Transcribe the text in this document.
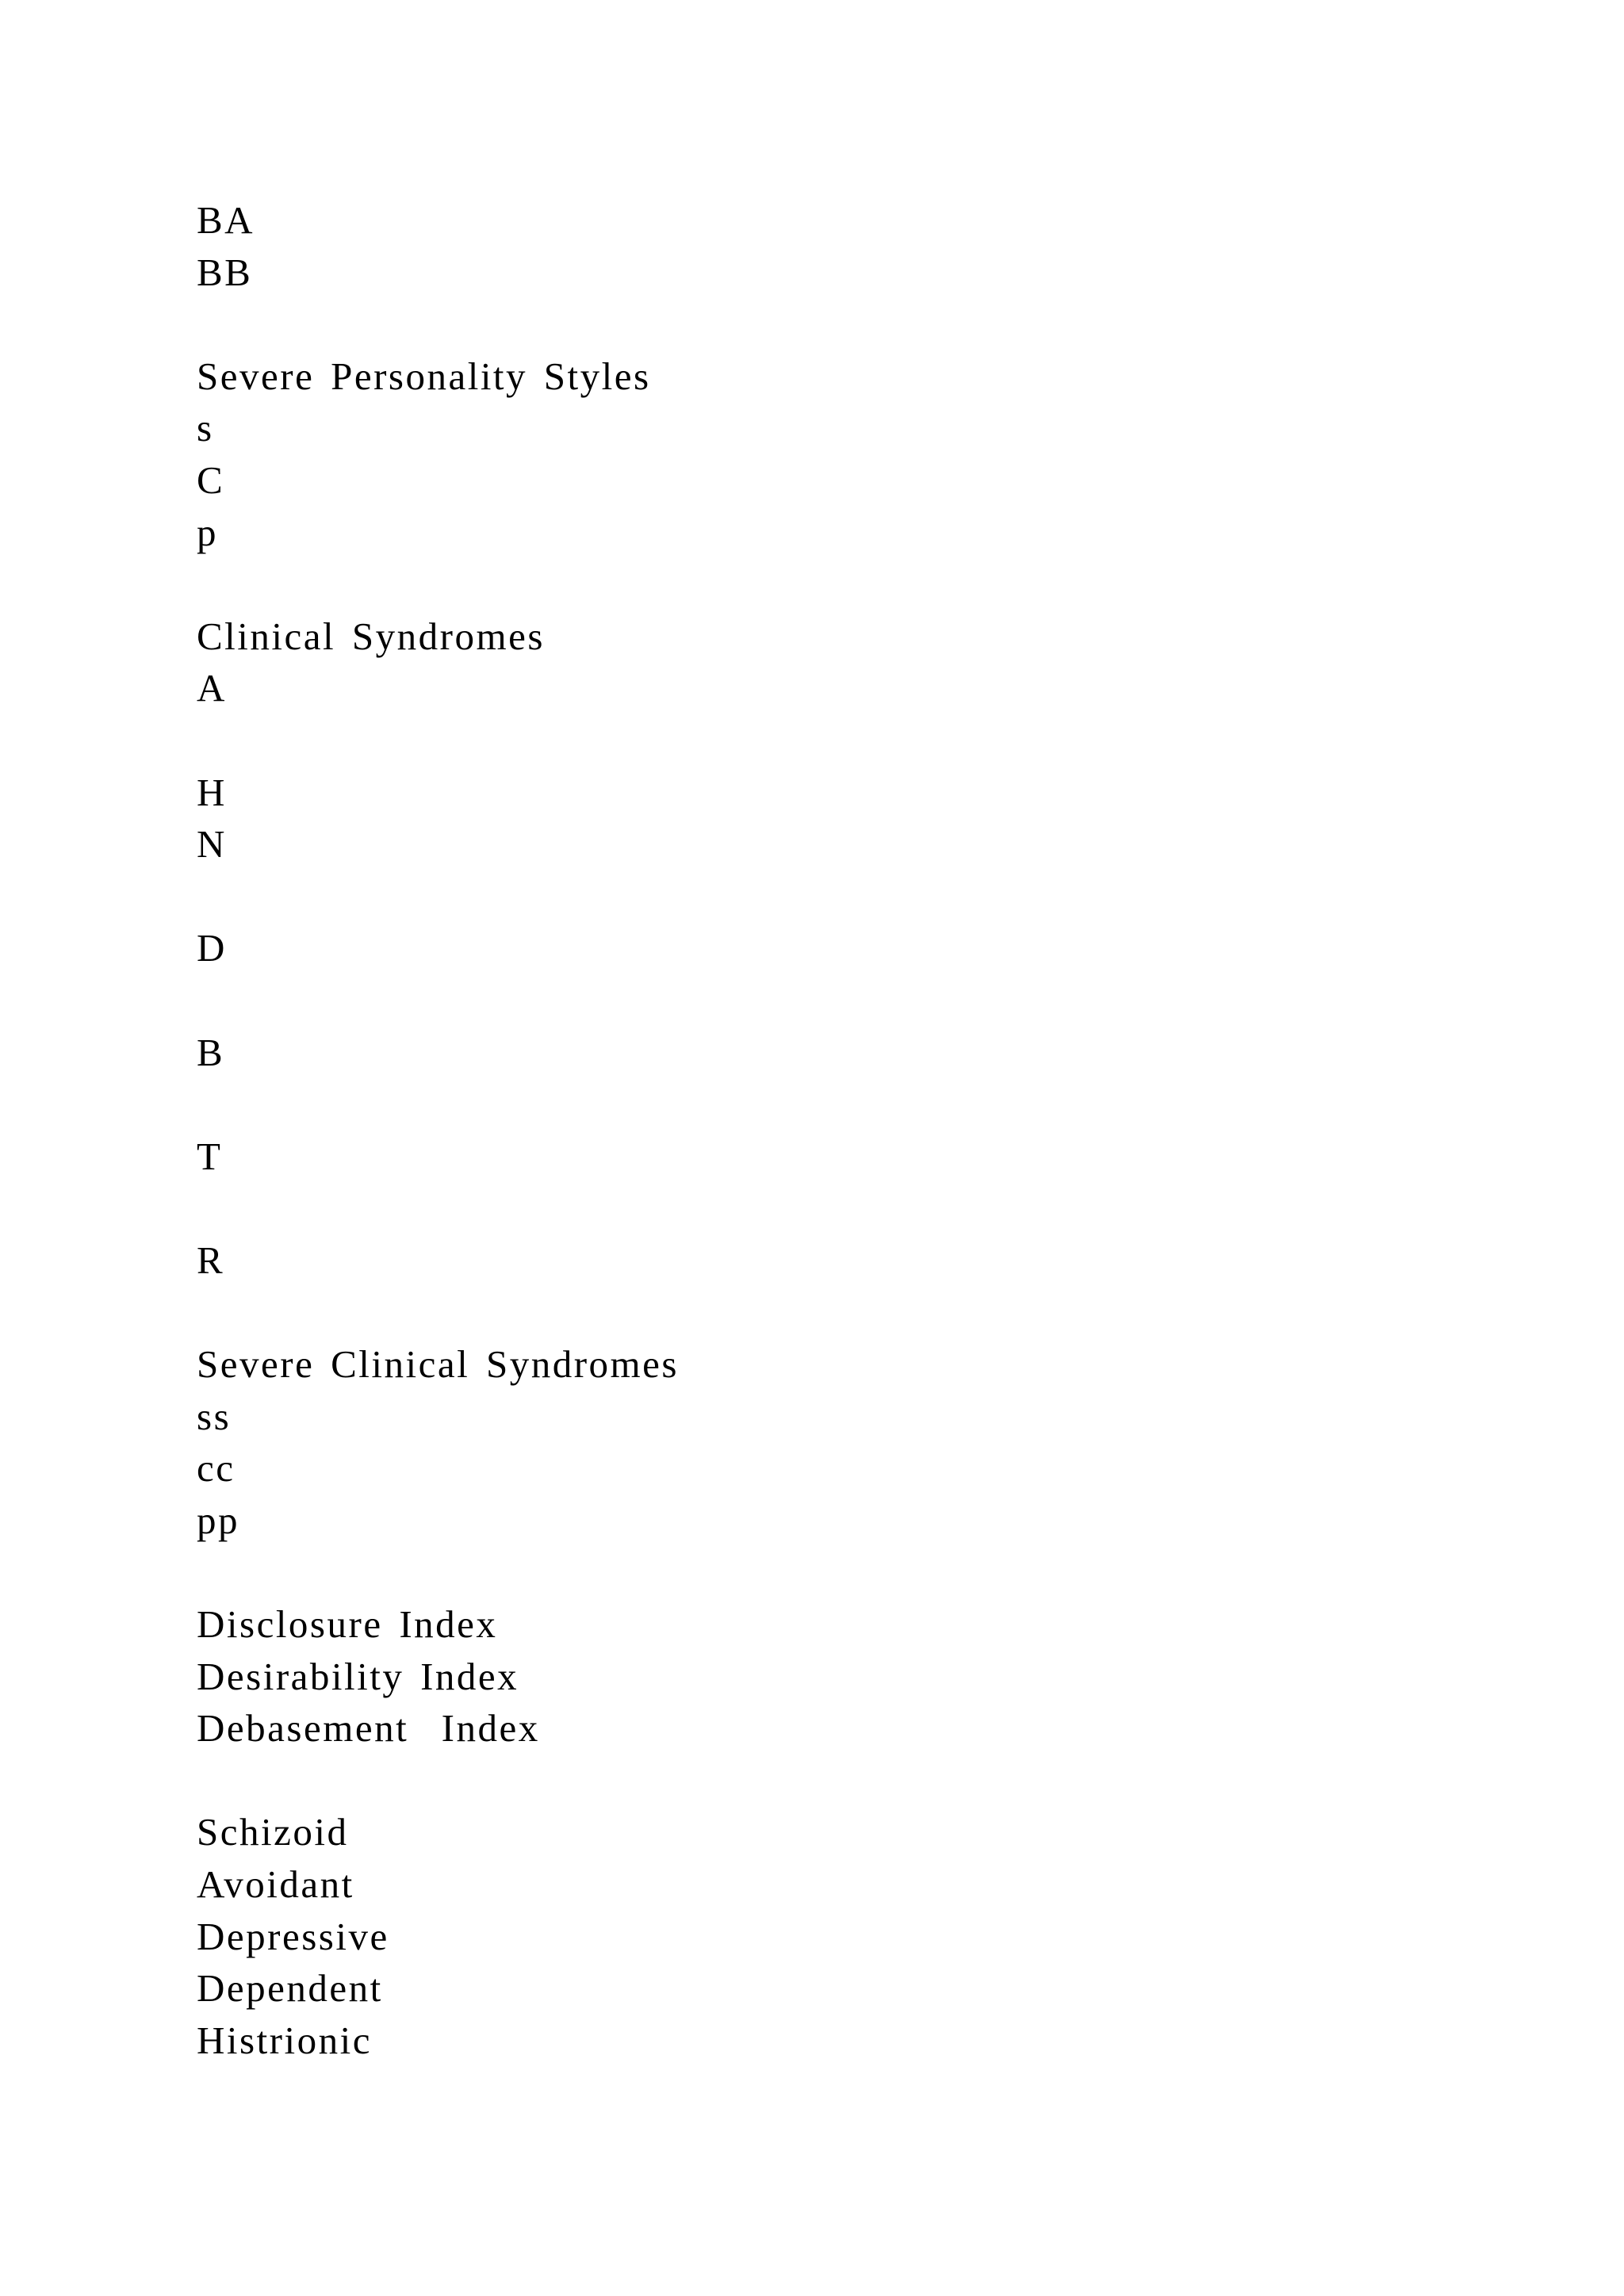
BA
BB
Severe Personality Styles
s
C
p
Clinical Syndromes
A
H
N
D
B
T
R
Severe Clinical Syndromes
ss
cc
pp
Disclosure Index
Desirability Index
Debasement  Index
Schizoid
Avoidant
Depressive
Dependent
Histrionic
